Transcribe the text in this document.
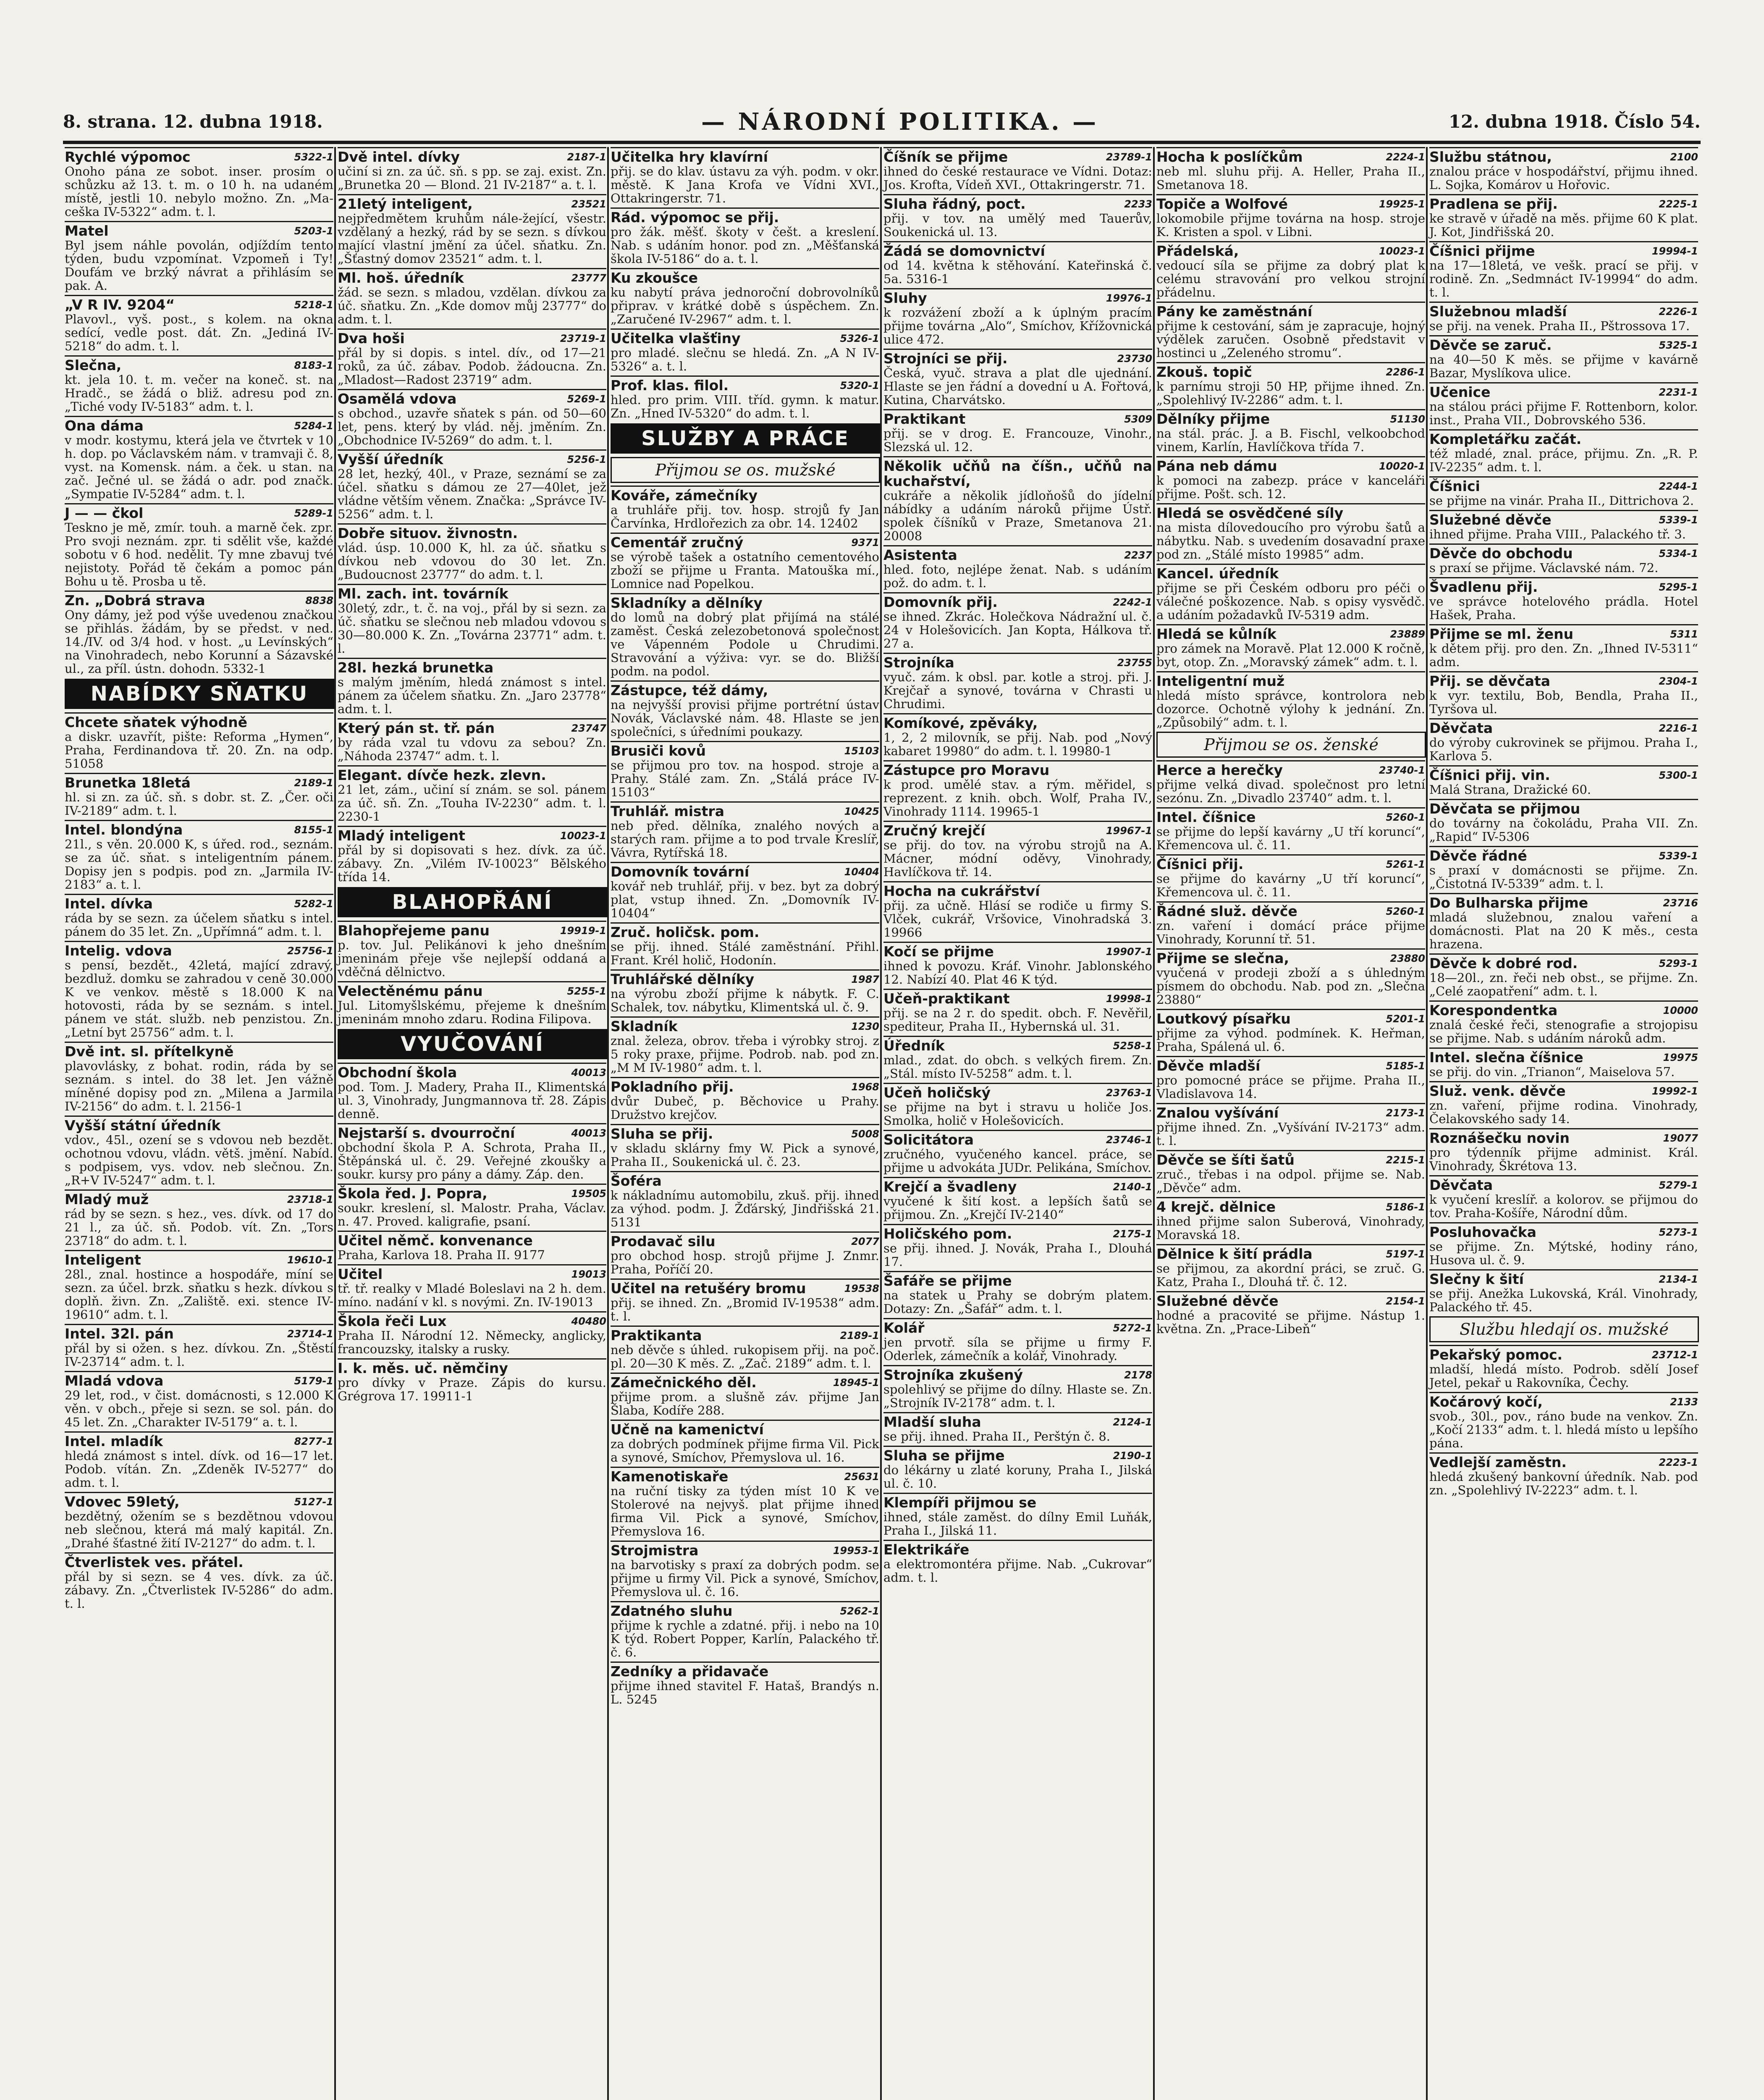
8. strana. 12. dubna 1918.	— NÁRODNÍ POLITIKA. —	12. dubna 1918. Číslo 54.
5322-1
Rychlé výpomoc
Onoho pána ze sobot. inser. prosím o schůzku až 13. t. m. o 10 h. na udaném místě, jestli 10. nebylo možno. Zn. „Ma-ceška IV-5322“ adm. t. l.
5203-1
Matel
Byl jsem náhle povolán, odjíždím tento týden, budu vzpomínat. Vzpomeň i Ty! Doufám ve brzký návrat a přihlásím se pak. A.
5218-1
„V R IV. 9204“
Plavovl., vyš. post., s kolem. na okna sedící, vedle post. dát. Zn. „Jediná IV-5218“ do adm. t. l.
8183-1
Slečna,
kt. jela 10. t. m. večer na koneč. st. na Hradč., se žádá o bliž. adresu pod zn. „Tiché vody IV-5183“ adm. t. l.
5284-1
Ona dáma
v modr. kostymu, která jela ve čtvrtek v 10 h. dop. po Václavském nám. v tramvaji č. 8, vyst. na Komensk. nám. a ček. u stan. na zač. Ječné ul. se žádá o adr. pod značk. „Sympatie IV-5284“ adm. t. l.
5289-1
J — — čkol
Teskno je mě, zmír. touh. a marně ček. zpr. Pro svoji neznám. zpr. ti sdělit vše, každé sobotu v 6 hod. nedělit. Ty mne zbavuj tvé nejistoty. Pořád tě čekám a pomoc pán Bohu u tě. Prosba u tě.
8838
Zn. „Dobrá strava
Ony dámy, jež pod výše uvedenou značkou se přihlás. žádám, by se předst. v ned. 14./IV. od 3/4 hod. v host. „u Levínských“ na Vinohradech, nebo Korunní a Sázavské ul., za příl. ústn. dohodn. 5332-1
NABÍDKY SŇATKU
Chcete sňatek výhodně
a diskr. uzavřít, pište: Reforma „Hymen“, Praha, Ferdinandova tř. 20. Zn. na odp. 51058
2189-1
Brunetka 18letá
hl. si zn. za úč. sň. s dobr. st. Z. „Čer. oči IV-2189“ adm. t. l.
8155-1
Intel. blondýna
21l., s věn. 20.000 K, s úřed. rod., seznám. se za úč. sňat. s inteligentním pánem. Dopisy jen s podpis. pod zn. „Jarmila IV-2183“ a. t. l.
5282-1
Intel. dívka
ráda by se sezn. za účelem sňatku s intel. pánem do 35 let. Zn. „Upřímná“ adm. t. l.
25756-1
Intelig. vdova
s pensí, bezdět., 42letá, mající zdravý, bezdluž. domku se zahradou v ceně 30.000 K ve venkov. městě s 18.000 K na hotovosti, ráda by se seznám. s intel. pánem ve stát. služb. neb penzistou. Zn. „Letní byt 25756“ adm. t. l.
Dvě int. sl. přítelkyně
plavovlásky, z bohat. rodin, ráda by se seznám. s intel. do 38 let. Jen vážně míněné dopisy pod zn. „Milena a Jarmila IV-2156“ do adm. t. l. 2156-1
Vyšší státní úředník
vdov., 45l., ození se s vdovou neb bezdět. ochotnou vdovu, vládn. větš. jmění. Nabíd. s podpisem, vys. vdov. neb slečnou. Zn. „R+V IV-5247“ adm. t. l.
23718-1
Mladý muž
rád by se sezn. s hez., ves. dívk. od 17 do 21 l., za úč. sň. Podob. vít. Zn. „Tors 23718“ do adm. t. l.
19610-1
Inteligent
28l., znal. hostince a hospodáře, míní se sezn. za účel. brzk. sňatku s hezk. dívkou s doplň. živn. Zn. „Zaliště. exi. stence IV-19610“ adm. t. l.
23714-1
Intel. 32l. pán
přál by si ožen. s hez. dívkou. Zn. „Štěstí IV-23714“ adm. t. l.
5179-1
Mladá vdova
29 let, rod., v čist. domácnosti, s 12.000 K věn. v obch., přeje si sezn. se sol. pán. do 45 let. Zn. „Charakter IV-5179“ a. t. l.
8277-1
Intel. mladík
hledá známost s intel. dívk. od 16—17 let. Podob. vítán. Zn. „Zdeněk IV-5277“ do adm. t. l.
5127-1
Vdovec 59letý,
bezdětný, ožením se s bezdětnou vdovou neb slečnou, která má malý kapitál. Zn. „Drahé šťastné žití IV-2127“ do adm. t. l.
Čtverlistek ves. přátel.
přál by si sezn. se 4 ves. dívk. za úč. zábavy. Zn. „Čtverlistek IV-5286“ do adm. t. l.
2187-1
Dvě intel. dívky
učiní si zn. za úč. sň. s pp. se zaj. exist. Zn. „Brunetka 20 — Blond. 21 IV-2187“ a. t. l.
23521
21letý inteligent,
nejpředmětem kruhům nále-žející, všestr. vzdělaný a hezký, rád by se sezn. s dívkou mající vlastní jmění za účel. sňatku. Zn. „Šťastný domov 23521“ adm. t. l.
23777
Ml. hoš. úředník
žád. se sezn. s mladou, vzdělan. dívkou za úč. sňatku. Zn. „Kde domov můj 23777“ do adm. t. l.
23719-1
Dva hoši
přál by si dopis. s intel. dív., od 17—21 roků, za úč. zábav. Podob. žádoucna. Zn. „Mladost—Radost 23719“ adm.
5269-1
Osamělá vdova
s obchod., uzavře sňatek s pán. od 50—60 let, pens. který by vlád. něj. jměním. Zn. „Obchodnice IV-5269“ do adm. t. l.
5256-1
Vyšší úředník
28 let, hezký, 40l., v Praze, seznámí se za účel. sňatku s dámou ze 27—40let, jež vládne větším věnem. Značka: „Správce IV-5256“ adm. t. l.
Dobře situov. živnostn.
vlád. úsp. 10.000 K, hl. za úč. sňatku s dívkou neb vdovou do 30 let. Zn. „Budoucnost 23777“ do adm. t. l.
Ml. zach. int. továrník
30letý, zdr., t. č. na voj., přál by si sezn. za úč. sňatku se slečnou neb mladou vdovou s 30—80.000 K. Zn. „Továrna 23771“ adm. t. l.
28l. hezká brunetka
s malým jměním, hledá známost s intel. pánem za účelem sňatku. Zn. „Jaro 23778“ adm. t. l.
23747
Který pán st. tř. pán
by ráda vzal tu vdovu za sebou? Zn. „Náhoda 23747“ adm. t. l.
Elegant. dívče hezk. zlevn.
21 let, zám., učiní sí znám. se sol. pánem za úč. sň. Zn. „Touha IV-2230“ adm. t. l. 2230-1
10023-1
Mladý inteligent
přál by si dopisovati s hez. dívk. za úč. zábavy. Zn. „Vilém IV-10023“ Bělského třída 14.
BLAHOPŘÁNÍ
19919-1
Blahopřejeme panu
p. tov. Jul. Pelikánovi k jeho dnešním jmeninám přeje vše nejlepší oddaná a vděčná dělnictvo.
5255-1
Velectěnému pánu
Jul. Litomyšlskému, přejeme k dnešním jmeninám mnoho zdaru. Rodina Filipova.
VYUČOVÁNÍ
40013
Obchodní škola
pod. Tom. J. Madery, Praha II., Klimentská ul. 3, Vinohrady, Jungmannova tř. 28. Zápis denně.
40013
Nejstarší s. dvourroční
obchodní škola P. A. Schrota, Praha II., Štěpánská ul. č. 29. Veřejné zkoušky a soukr. kursy pro pány a dámy. Záp. den.
19505
Škola řed. J. Popra,
soukr. kreslení, sl. Malostr. Praha, Václav. n. 47. Proved. kaligrafie, psaní.
Učitel němč. konvenance
Praha, Karlova 18. Praha II. 9177
19013
Učitel
tř. tř. realky v Mladé Boleslavi na 2 h. dem. míno. nadání v kl. s novými. Zn. IV-19013
40480
Škola řeči Lux
Praha II. Národní 12. Německy, anglicky, francouzsky, italsky a rusky.
I. k. měs. uč. němčiny
pro dívky v Praze. Zápis do kursu. Grégrova 17. 19911-1
Učitelka hry klavírní
přij. se do klav. ústavu za výh. podm. v okr. městě. K Jana Krofa ve Vídni XVI., Ottakringerstr. 71.
Rád. výpomoc se přij.
pro žák. měšť. škoty v češt. a kreslení. Nab. s udáním honor. pod zn. „Měšťanská škola IV-5186“ do a. t. l.
Ku zkoušce
ku nabytí práva jednoroční dobrovolníků připrav. v krátké době s úspěchem. Zn. „Zaručené IV-2967“ adm. t. l.
5326-1
Učitelka vlašťiny
pro mladé. slečnu se hledá. Zn. „A N IV-5326“ a. t. l.
5320-1
Prof. klas. filol.
hled. pro prim. VIII. tříd. gymn. k matur. Zn. „Hned IV-5320“ do adm. t. l.
SLUŽBY A PRÁCE
Přijmou se os. mužské
Kováře, zámečníky
a truhláře přij. tov. hosp. strojů fy Jan Čarvínka, Hrdlořezich za obr. 14. 12402
9371
Cementář zručný
se výrobě tašek a ostatního cementového zboží se přijme u Franta. Matouška mí., Lomnice nad Popelkou.
Skladníky a dělníky
do lomů na dobrý plat přijímá na stálé zaměst. Česká zelezobetonová společnost ve Vápenném Podole u Chrudimi. Stravování a výživa: vyr. se do. Bližší podm. na podol.
Zástupce, též dámy,
na nejvyšší provisi přijme portrétní ústav Novák, Václavské nám. 48. Hlaste se jen společníci, s úředními poukazy.
15103
Brusiči kovů
se přijmou pro tov. na hospod. stroje a Prahy. Stálé zam. Zn. „Stálá práce IV-15103“
10425
Truhlář. mistra
neb před. dělníka, znalého nových a starých ram. přijme a to pod trvale Kreslíř, Vávra, Rytířská 18.
10404
Domovník tovární
kovář neb truhlář, přij. v bez. byt za dobrý plat, vstup ihned. Zn. „Domovník IV-10404“
Zruč. holičsk. pom.
se přij. ihned. Stálé zaměstnání. Přihl. Frant. Krél holič, Hodonín.
1987
Truhlářské dělníky
na výrobu zboží přijme k nábytk. F. C. Schalek, tov. nábytku, Klimentská ul. č. 9.
1230
Skladník
znal. železa, obrov. třeba i výrobky stroj. z 5 roky praxe, přijme. Podrob. nab. pod zn. „M M IV-1980“ adm. t. l.
1968
Pokladního přij.
dvůr Dubeč, p. Běchovice u Prahy. Družstvo krejčov.
5008
Sluha se přij.
v skladu sklárny fmy W. Pick a synové, Praha II., Soukenická ul. č. 23.
Šoféra
k nákladnímu automobilu, zkuš. přij. ihned za výhod. podm. J. Žďárský, Jindřišská 21. 5131
2077
Prodavač silu
pro obchod hosp. strojů přijme J. Znmr. Praha, Poříčí 20.
19538
Učitel na retušéry bromu
přij. se ihned. Zn. „Bromid IV-19538“ adm. t. l.
2189-1
Praktikanta
neb děvče s úhled. rukopisem přij. na poč. pl. 20—30 K měs. Z. „Zač. 2189“ adm. t. l.
18945-1
Zámečnického děl.
přijme prom. a slušně záv. přijme Jan Šlaba, Kodíře 288.
Učně na kamenictví
za dobrých podmínek přijme firma Vil. Pick a synové, Smíchov, Přemyslova ul. 16.
25631
Kamenotiskaře
na ruční tisky za týden míst 10 K ve Stolerové na nejvyš. plat přijme ihned firma Vil. Pick a synové, Smíchov, Přemyslova 16.
19953-1
Strojmistra
na barvotisky s praxí za dobrých podm. se přijme u firmy Vil. Pick a synové, Smíchov, Přemyslova ul. č. 16.
5262-1
Zdatného sluhu
přijme k rychle a zdatné. přij. i nebo na 10 K týd. Robert Popper, Karlín, Palackého tř. č. 6.
Zedníky a přidavače
přijme ihned stavitel F. Hataš, Brandýs n. L. 5245
23789-1
Číšník se přijme
ihned do české restaurace ve Vídni. Dotaz: Jos. Krofta, Vídeň XVI., Ottakringerstr. 71.
2233
Sluha řádný, poct.
přij. v tov. na umělý med Tauerův, Soukenická ul. 13.
Žádá se domovnictví
od 14. května k stěhování. Kateřinská č. 5a. 5316-1
19976-1
Sluhy
k rozvážení zboží a k úplným pracím přijme továrna „Alo“, Smíchov, Křížovnická ulice 472.
23730
Strojníci se přij.
Česká, vyuč. strava a plat dle ujednání. Hlaste se jen řádní a dovední u A. Fořtová, Kutina, Charvátsko.
5309
Praktikant
přij. se v drog. E. Francouze, Vinohr., Slezská ul. 12.
Několik učňů na číšn., učňů na kuchařství,
cukráře a několik jídloňošů do jídelní nábídky a udáním nároků přijme Ústř. spolek číšníků v Praze, Smetanova 21. 20008
2237
Asistenta
hled. foto, nejlépe ženat. Nab. s udáním pož. do adm. t. l.
2242-1
Domovník přij.
se ihned. Zkrác. Holečkova Nádražní ul. č. 24 v Holešovicích. Jan Kopta, Hálkova tř. 27 a.
23755
Strojníka
vyuč. zám. k obsl. par. kotle a stroj. při. J. Krejčař a synové, továrna v Chrasti u Chrudimi.
Komíkové, zpěváky,
1, 2, 2 milovník, se přij. Nab. pod „Nový kabaret 19980“ do adm. t. l. 19980-1
Zástupce pro Moravu
k prod. umělé stav. a rým. měřidel, s reprezent. z knih. obch. Wolf, Praha IV., Vinohrady 1114. 19965-1
19967-1
Zručný krejčí
se přij. do tov. na výrobu strojů na A. Mácner, módní oděvy, Vinohrady, Havlíčkova tř. 14.
Hocha na cukrářství
přij. za učně. Hlásí se rodiče u firmy S. Vlček, cukrář, Vršovice, Vinohradská 3. 19966
19907-1
Kočí se přijme
ihned k povozu. Kráf. Vinohr. Jablonského 12. Nabízí 40. Plat 46 K týd.
19998-1
Učeň-praktikant
přij. se na 2 r. do spedit. obch. F. Nevěřil, spediteur, Praha II., Hybernská ul. 31.
5258-1
Úředník
mlad., zdat. do obch. s velkých firem. Zn. „Stál. místo IV-5258“ adm. t. l.
23763-1
Učeň holičský
se přijme na byt i stravu u holiče Jos. Smolka, holič v Holešovicích.
23746-1
Solicitátora
zručného, vyučeného kancel. práce, se přijme u advokáta JUDr. Pelikána, Smíchov.
2140-1
Krejčí a švadleny
vyučené k šití kost. a lepších šatů se přijmou. Zn. „Krejčí IV-2140“
2175-1
Holičského pom.
se přij. ihned. J. Novák, Praha I., Dlouhá 17.
Šafáře se přijme
na statek u Prahy se dobrým platem. Dotazy: Zn. „Šafář“ adm. t. l.
5272-1
Kolář
jen prvotř. síla se přijme u firmy F. Oderlek, zámečník a kolář, Vinohrady.
2178
Strojníka zkušený
spolehlivý se přijme do dílny. Hlaste se. Zn. „Strojník IV-2178“ adm. t. l.
2124-1
Mladší sluha
se přij. ihned. Praha II., Perštýn č. 8.
2190-1
Sluha se přijme
do lékárny u zlaté koruny, Praha I., Jilská ul. č. 10.
Klempíři přijmou se
ihned, stále zaměst. do dílny Emil Luňák, Praha I., Jilská 11.
Elektrikáře
a elektromontéra přijme. Nab. „Cukrovar“ adm. t. l.
2224-1
Hocha k poslíčkům
neb ml. sluhu přij. A. Heller, Praha II., Smetanova 18.
19925-1
Topiče a Wolfové
lokomobile přijme továrna na hosp. stroje K. Kristen a spol. v Libni.
10023-1
Přádelská,
vedoucí síla se přijme za dobrý plat k celému stravování pro velkou strojní přádelnu.
Pány ke zaměstnání
přijme k cestování, sám je zapracuje, hojný výdělek zaručen. Osobně představit v hostinci u „Zeleného stromu“.
2286-1
Zkouš. topič
k parnímu stroji 50 HP, přijme ihned. Zn. „Spolehlivý IV-2286“ adm. t. l.
51130
Dělníky přijme
na stál. prác. J. a B. Fischl, velkoobchod vinem, Karlín, Havlíčkova třída 7.
10020-1
Pána neb dámu
k pomoci na zabezp. práce v kanceláři přijme. Pošt. sch. 12.
Hledá se osvědčené síly
na mista dílovedoucího pro výrobu šatů a nábytku. Nab. s uvedením dosavadní praxe pod zn. „Stálé místo 19985“ adm.
Kancel. úředník
přijme se při Českém odboru pro péči o válečné poškozence. Nab. s opisy vysvědč. a udáním požadavků IV-5319 adm.
23889
Hledá se kůlník
pro zámek na Moravě. Plat 12.000 K ročně, byt, otop. Zn. „Moravský zámek“ adm. t. l.
Inteligentní muž
hledá místo správce, kontrolora neb dozorce. Ochotně výlohy k jednání. Zn. „Způsobilý“ adm. t. l.
Přijmou se os. ženské
23740-1
Herce a herečky
přijme velká divad. společnost pro letní sezónu. Zn. „Divadlo 23740“ adm. t. l.
5260-1
Intel. číšnice
se přijme do lepší kavárny „U tří koruncí“, Křemencova ul. č. 11.
5261-1
Číšnici přij.
se přijme do kavárny „U tří koruncí“, Křemencova ul. č. 11.
5260-1
Řádné služ. děvče
zn. vaření i domácí práce přijme Vinohrady, Korunní tř. 51.
23880
Přijme se slečna,
vyučená v prodeji zboží a s úhledným písmem do obchodu. Nab. pod zn. „Slečna 23880“
5201-1
Loutkový písařku
přijme za výhod. podmínek. K. Heřman, Praha, Spálená ul. 6.
5185-1
Děvče mladší
pro pomocné práce se přijme. Praha II., Vladislavova 14.
2173-1
Znalou vyšívání
přijme ihned. Zn. „Vyšívání IV-2173“ adm. t. l.
2215-1
Děvče se šíti šatů
zruč., třebas i na odpol. přijme se. Nab. „Děvče“ adm.
5186-1
4 krejč. dělnice
ihned přijme salon Suberová, Vinohrady, Moravská 18.
5197-1
Dělnice k šití prádla
se přijmou, za akordní práci, se zruč. G. Katz, Praha I., Dlouhá tř. č. 12.
2154-1
Služebné děvče
hodné a pracovité se přijme. Nástup 1. května. Zn. „Prace-Libeň“
2100
Službu státnou,
znalou práce v hospodářství, přijmu ihned. L. Sojka, Komárov u Hořovic.
2225-1
Pradlena se přij.
ke stravě v úřadě na měs. přijme 60 K plat. J. Kot, Jindřišská 20.
19994-1
Číšnici přijme
na 17—18letá, ve vešk. prací se přij. v rodině. Zn. „Sedmnáct IV-19994“ do adm. t. l.
2226-1
Služebnou mladší
se přij. na venek. Praha II., Pštrossova 17.
5325-1
Děvče se zaruč.
na 40—50 K měs. se přijme v kavárně Bazar, Myslíkova ulice.
2231-1
Učenice
na stálou práci přijme F. Rottenborn, kolor. inst., Praha VII., Dobrovského 536.
Kompletářku začát.
též mladé, znal. práce, přijmu. Zn. „R. P. IV-2235“ adm. t. l.
2244-1
Číšnici
se přijme na vinár. Praha II., Dittrichova 2.
5339-1
Služebné děvče
ihned přijme. Praha VIII., Palackého tř. 3.
5334-1
Děvče do obchodu
s praxí se přijme. Václavské nám. 72.
5295-1
Švadlenu přij.
ve správce hotelového prádla. Hotel Hašek, Praha.
5311
Přijme se ml. ženu
k dětem přij. pro den. Zn. „Ihned IV-5311“ adm.
2304-1
Přij. se děvčata
k vyr. textilu, Bob, Bendla, Praha II., Tyršova ul.
2216-1
Děvčata
do výroby cukrovinek se přijmou. Praha I., Karlova 5.
5300-1
Číšnici přij. vin.
Malá Strana, Dražické 60.
Děvčata se přijmou
do továrny na čokoládu, Praha VII. Zn. „Rapid“ IV-5306
5339-1
Děvče řádné
s praxí v domácnosti se přijme. Zn. „Čistotná IV-5339“ adm. t. l.
23716
Do Bulharska přijme
mladá služebnou, znalou vaření a domácnosti. Plat na 20 K měs., cesta hrazena.
5293-1
Děvče k dobré rod.
18—20l., zn. řeči neb obst., se přijme. Zn. „Celé zaopatření“ adm. t. l.
10000
Korespondentka
znalá české řeči, stenografie a strojopisu se přijme. Nab. s udáním nároků adm.
19975
Intel. slečna číšnice
se přij. do vin. „Trianon“, Maiselova 57.
19992-1
Služ. venk. děvče
zn. vaření, přijme rodina. Vinohrady, Čelakovského sady 14.
19077
Roznášečku novin
pro týdenník přijme administ. Král. Vinohrady, Škrétova 13.
5279-1
Děvčata
k vyučení kreslíř. a kolorov. se přijmou do tov. Praha-Košíře, Národní dům.
5273-1
Posluhovačka
se přijme. Zn. Mýtské, hodiny ráno, Husova ul. č. 9.
2134-1
Slečny k šití
se přij. Anežka Lukovská, Král. Vinohrady, Palackého tř. 45.
Službu hledají os. mužské
23712-1
Pekařský pomoc.
mladší, hledá místo. Podrob. sdělí Josef Jetel, pekař u Rakovníka, Čechy.
2133
Kočárový kočí,
svob., 30l., pov., ráno bude na venkov. Zn. „Kočí 2133“ adm. t. l. hledá místo u lepšího pána.
2223-1
Vedlejší zaměstn.
hledá zkušený bankovní úředník. Nab. pod zn. „Spolehlivý IV-2223“ adm. t. l.
